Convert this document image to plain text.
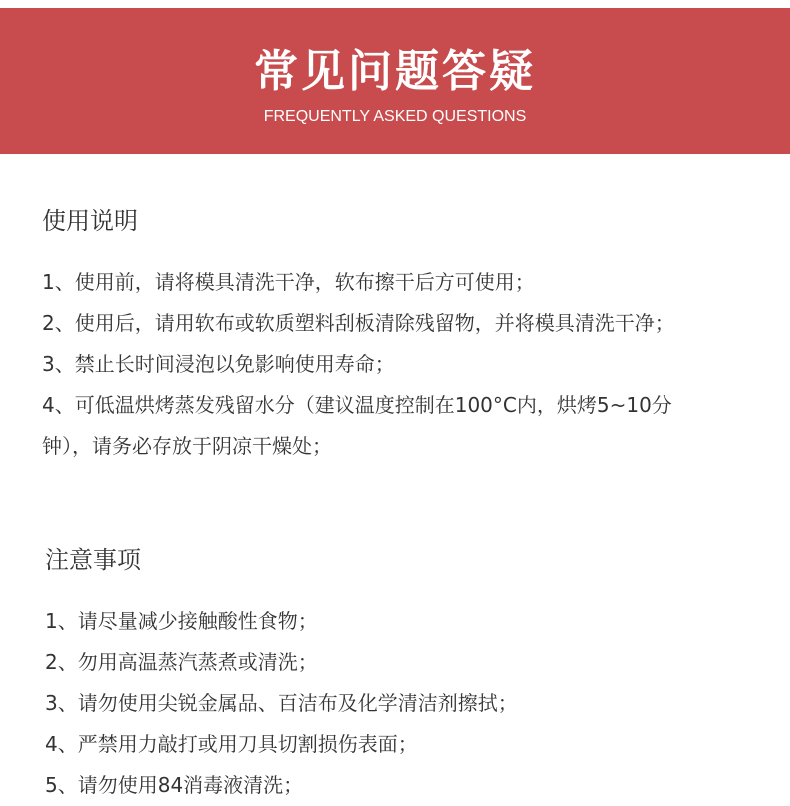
常见问题答疑
FREQUENTLY ASKED QUESTIONS
使用说明
1、使用前，请将模具清洗干净，软布擦干后方可使用；
2、使用后，请用软布或软质塑料刮板清除残留物，并将模具清洗干净；
3、禁止长时间浸泡以免影响使用寿命；
4、可低温烘烤蒸发残留水分（建议温度控制在100°C内，烘烤5~10分钟），请务必存放于阴凉干燥处；
注意事项
1、请尽量减少接触酸性食物；
2、勿用高温蒸汽蒸煮或清洗；
3、请勿使用尖锐金属品、百洁布及化学清洁剂擦拭；
4、严禁用力敲打或用刀具切割损伤表面；
5、请勿使用84消毒液清洗；
